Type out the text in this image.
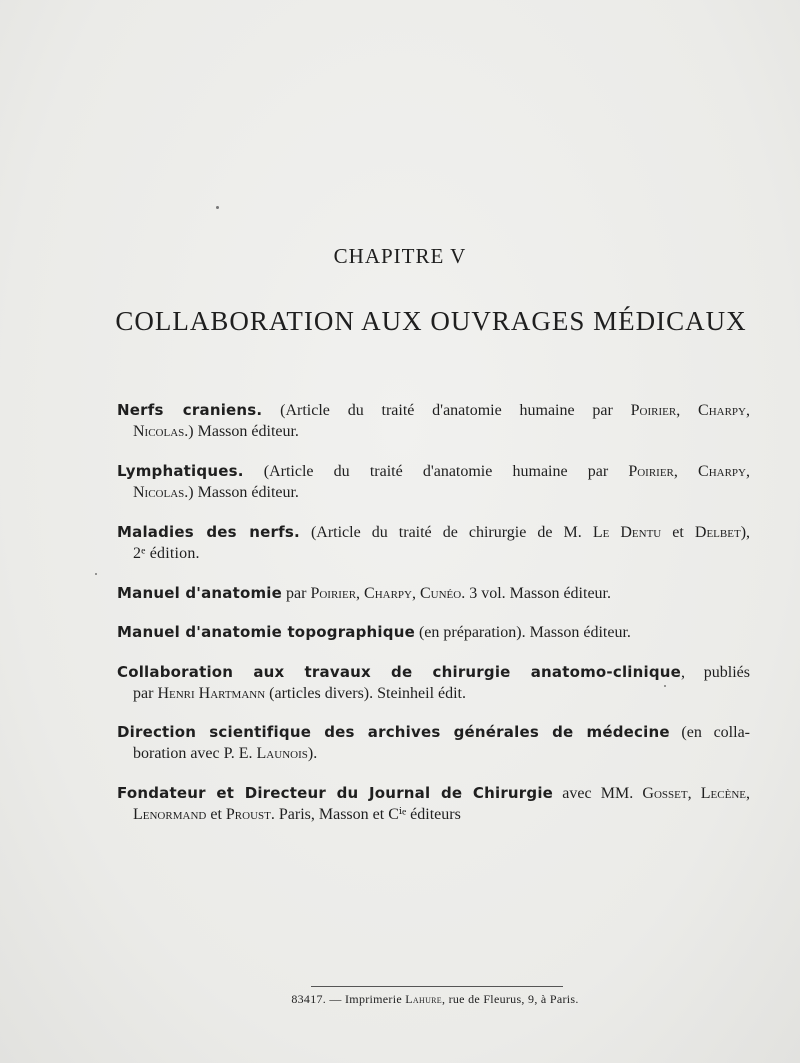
CHAPITRE V
COLLABORATION AUX OUVRAGES MÉDICAUX
Nerfs craniens. (Article du traité d'anatomie humaine par Poirier, Charpy,
Nicolas.) Masson éditeur.
Lymphatiques. (Article du traité d'anatomie humaine par Poirier, Charpy,
Nicolas.) Masson éditeur.
Maladies des nerfs. (Article du traité de chirurgie de M. Le Dentu et Delbet),
2ᵉ édition.
Manuel d'anatomie par Poirier, Charpy, Cunéo. 3 vol. Masson éditeur.
Manuel d'anatomie topographique (en préparation). Masson éditeur.
Collaboration aux travaux de chirurgie anatomo-clinique, publiés
par Henri Hartmann (articles divers). Steinheil édit.
Direction scientifique des archives générales de médecine (en colla-
boration avec P. E. Launois).
Fondateur et Directeur du Journal de Chirurgie avec MM. Gosset, Lecène,
Lenormand et Proust. Paris, Masson et Cⁱᵉ éditeurs
83417. — Imprimerie Lahure, rue de Fleurus, 9, à Paris.
